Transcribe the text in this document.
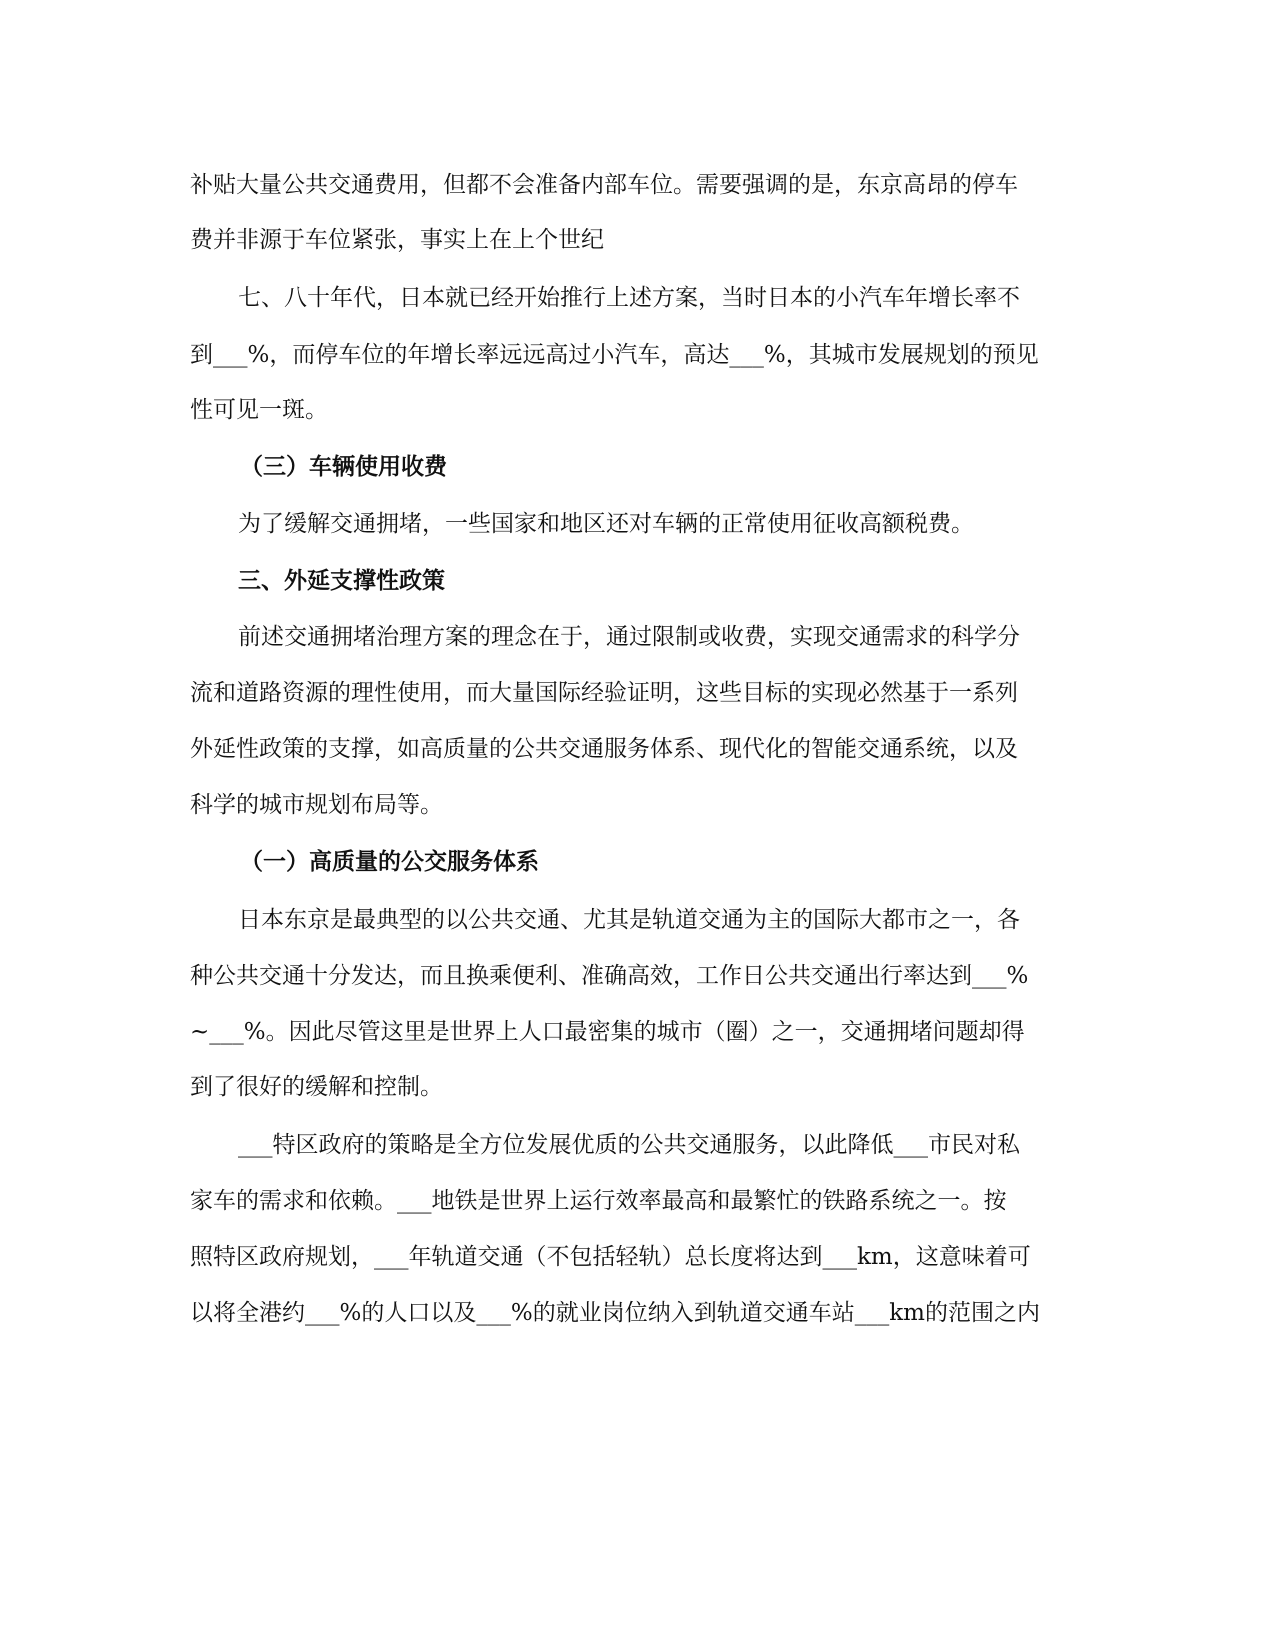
补贴大量公共交通费用，但都不会准备内部车位。需要强调的是，东京高昂的停车
费并非源于车位紧张，事实上在上个世纪
七、八十年代，日本就已经开始推行上述方案，当时日本的小汽车年增长率不
到___%，而停车位的年增长率远远高过小汽车，高达___%，其城市发展规划的预见
性可见一斑。
（三）车辆使用收费
为了缓解交通拥堵，一些国家和地区还对车辆的正常使用征收高额税费。
三、外延支撑性政策
前述交通拥堵治理方案的理念在于，通过限制或收费，实现交通需求的科学分
流和道路资源的理性使用，而大量国际经验证明，这些目标的实现必然基于一系列
外延性政策的支撑，如高质量的公共交通服务体系、现代化的智能交通系统，以及
科学的城市规划布局等。
（一）高质量的公交服务体系
日本东京是最典型的以公共交通、尤其是轨道交通为主的国际大都市之一，各
种公共交通十分发达，而且换乘便利、准确高效，工作日公共交通出行率达到___%
~___%。因此尽管这里是世界上人口最密集的城市（圈）之一，交通拥堵问题却得
到了很好的缓解和控制。
___特区政府的策略是全方位发展优质的公共交通服务，以此降低___市民对私
家车的需求和依赖。___地铁是世界上运行效率最高和最繁忙的铁路系统之一。按
照特区政府规划，___年轨道交通（不包括轻轨）总长度将达到___km，这意味着可
以将全港约___%的人口以及___%的就业岗位纳入到轨道交通车站___km的范围之内
